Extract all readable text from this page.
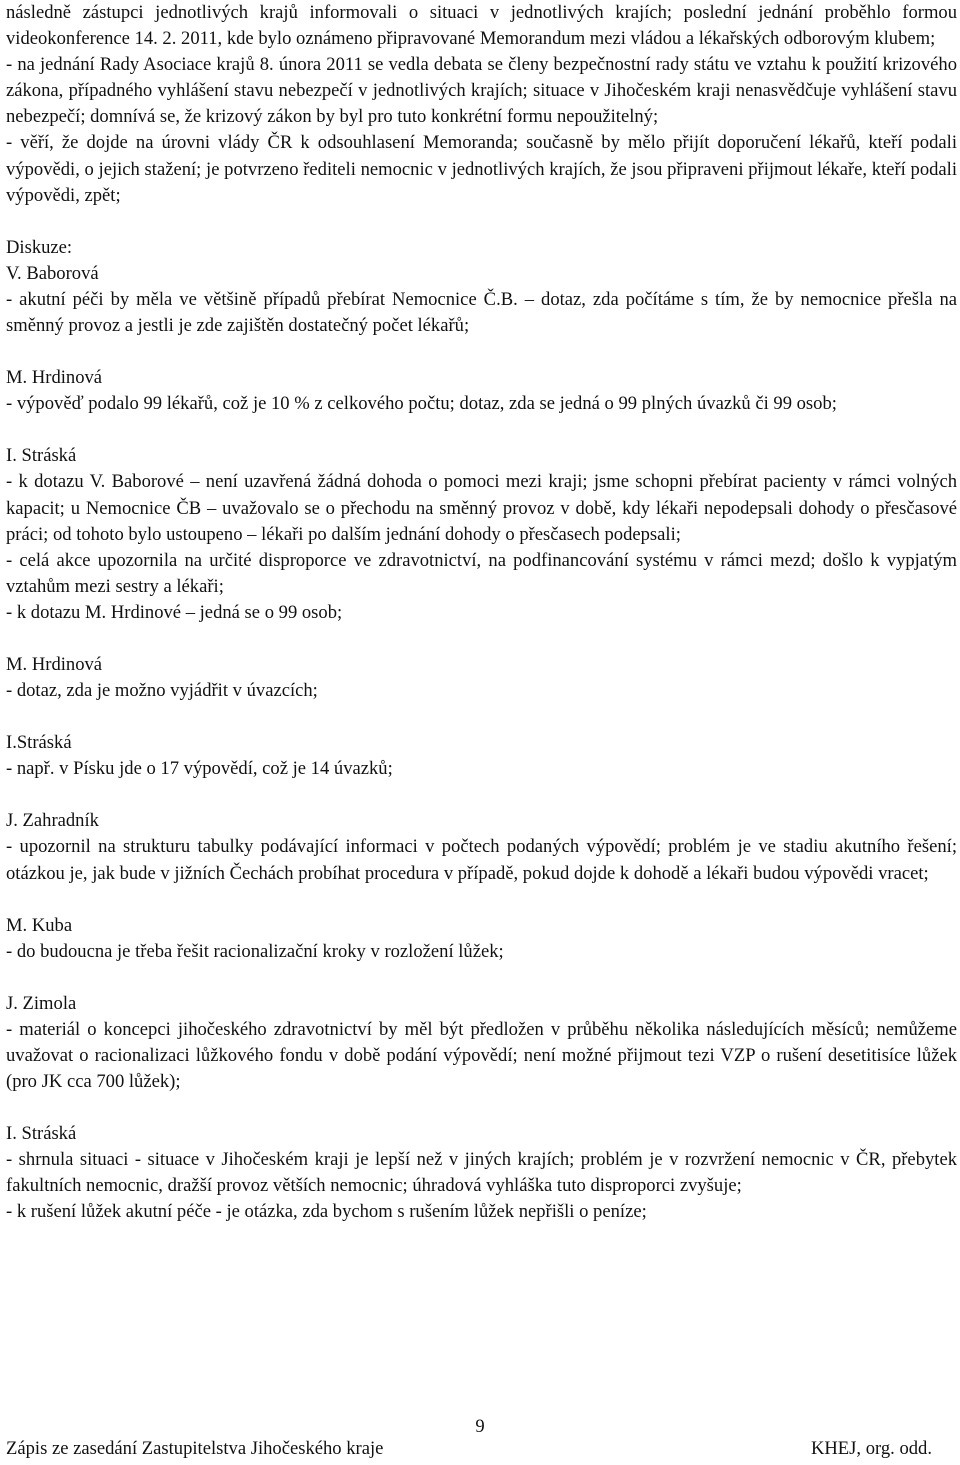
následně zástupci jednotlivých krajů informovali o situaci v jednotlivých krajích; poslední jednání proběhlo formou videokonference 14. 2. 2011, kde bylo oznámeno připravované Memorandum mezi vládou a lékařských odborovým klubem;

- na jednání Rady Asociace krajů 8. února 2011 se vedla debata se členy bezpečnostní rady státu ve vztahu k použití krizového zákona, případného vyhlášení stavu nebezpečí v jednotlivých krajích; situace v Jihočeském kraji nenasvědčuje vyhlášení stavu nebezpečí; domnívá se, že krizový zákon by byl pro tuto konkrétní formu nepoužitelný;

- věří, že dojde na úrovni vlády ČR k odsouhlasení Memoranda; současně by mělo přijít doporučení lékařů, kteří podali výpovědi, o jejich stažení; je potvrzeno řediteli nemocnic v jednotlivých krajích, že jsou připraveni přijmout lékaře, kteří podali výpovědi, zpět;

Diskuze:

V. Baborová

- akutní péči by měla ve většině případů přebírat Nemocnice Č.B. – dotaz, zda počítáme s tím, že by nemocnice přešla na směnný provoz a jestli je zde zajištěn dostatečný počet lékařů;

M. Hrdinová

- výpověď podalo 99 lékařů, což je 10 % z celkového počtu; dotaz, zda se jedná o 99 plných úvazků či 99 osob;

I. Stráská

- k dotazu V. Baborové – není uzavřená žádná dohoda o pomoci mezi kraji; jsme schopni přebírat pacienty v rámci volných kapacit; u Nemocnice ČB – uvažovalo se o přechodu na směnný provoz v době, kdy lékaři nepodepsali dohody o přesčasové práci; od tohoto bylo ustoupeno – lékaři po dalším jednání dohody o přesčasech podepsali;

- celá akce upozornila na určité disproporce ve zdravotnictví, na podfinancování systému v rámci mezd; došlo k vypjatým vztahům mezi sestry a lékaři;

- k dotazu M. Hrdinové – jedná se o 99 osob;

M. Hrdinová

- dotaz, zda je možno vyjádřit v úvazcích;

I.Stráská

- např. v Písku jde o 17 výpovědí, což je 14 úvazků;

J. Zahradník

- upozornil na strukturu tabulky podávající informaci v počtech podaných výpovědí; problém je ve stadiu akutního řešení; otázkou je, jak bude v jižních Čechách probíhat procedura v případě, pokud dojde k dohodě a lékaři budou výpovědi vracet;

M. Kuba

- do budoucna je třeba řešit racionalizační kroky v rozložení lůžek;

J. Zimola

- materiál o koncepci jihočeského zdravotnictví by měl být předložen v průběhu několika následujících měsíců; nemůžeme uvažovat o racionalizaci lůžkového fondu v době podání výpovědí; není možné přijmout tezi VZP o rušení desetitisíce lůžek (pro JK cca 700 lůžek);

I. Stráská

- shrnula situaci - situace v Jihočeském kraji je lepší než v jiných krajích; problém je v rozvržení nemocnic v ČR, přebytek fakultních nemocnic, dražší provoz větších nemocnic; úhradová vyhláška tuto disproporci zvyšuje;

- k rušení lůžek akutní péče - je otázka, zda bychom s rušením lůžek nepřišli o peníze;

9
Zápis ze zasedání Zastupitelstva Jihočeského kraje	KHEJ, org. odd.
